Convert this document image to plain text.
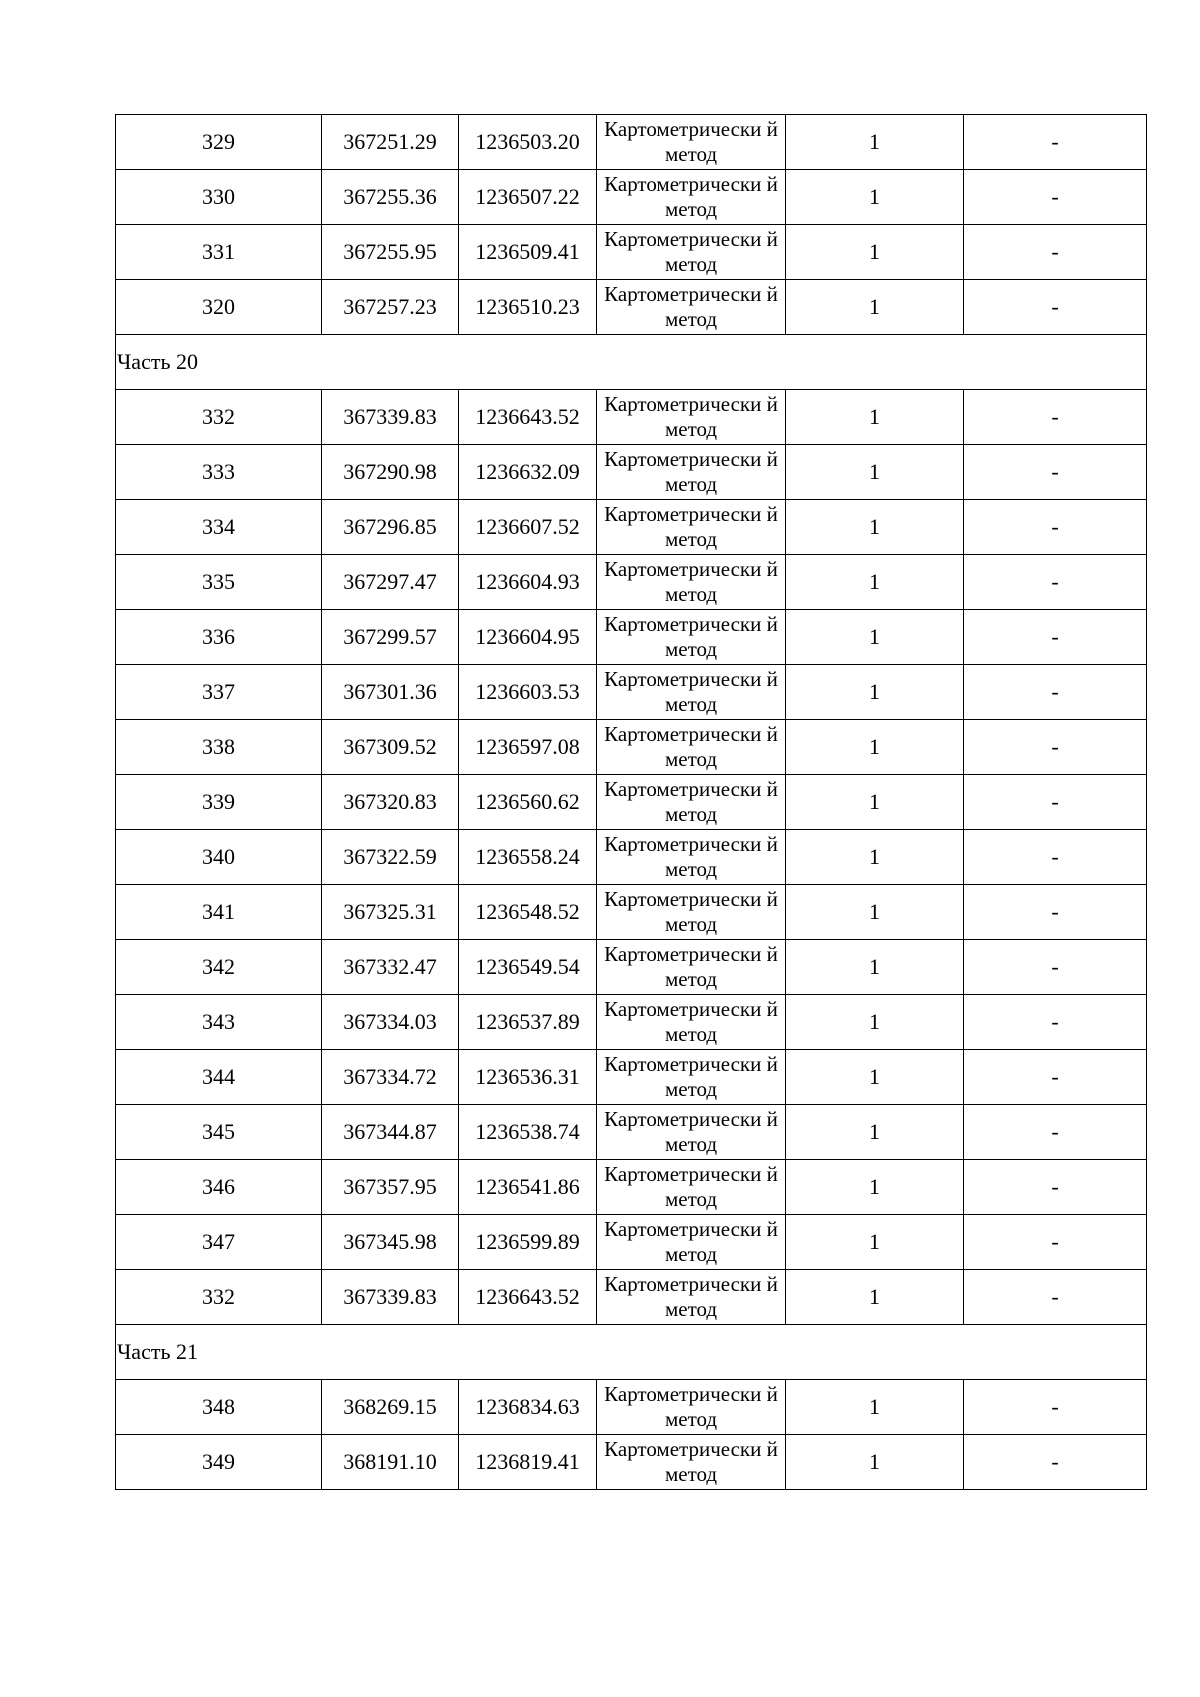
329	367251.29	1236503.20	Картометрически й метод	1	-
330	367255.36	1236507.22	Картометрически й метод	1	-
331	367255.95	1236509.41	Картометрически й метод	1	-
320	367257.23	1236510.23	Картометрически й метод	1	-
Часть 20					
332	367339.83	1236643.52	Картометрически й метод	1	-
333	367290.98	1236632.09	Картометрически й метод	1	-
334	367296.85	1236607.52	Картометрически й метод	1	-
335	367297.47	1236604.93	Картометрически й метод	1	-
336	367299.57	1236604.95	Картометрически й метод	1	-
337	367301.36	1236603.53	Картометрически й метод	1	-
338	367309.52	1236597.08	Картометрически й метод	1	-
339	367320.83	1236560.62	Картометрически й метод	1	-
340	367322.59	1236558.24	Картометрически й метод	1	-
341	367325.31	1236548.52	Картометрически й метод	1	-
342	367332.47	1236549.54	Картометрически й метод	1	-
343	367334.03	1236537.89	Картометрически й метод	1	-
344	367334.72	1236536.31	Картометрически й метод	1	-
345	367344.87	1236538.74	Картометрически й метод	1	-
346	367357.95	1236541.86	Картометрически й метод	1	-
347	367345.98	1236599.89	Картометрически й метод	1	-
332	367339.83	1236643.52	Картометрически й метод	1	-
Часть 21					
348	368269.15	1236834.63	Картометрически й метод	1	-
349	368191.10	1236819.41	Картометрически й метод	1	-
